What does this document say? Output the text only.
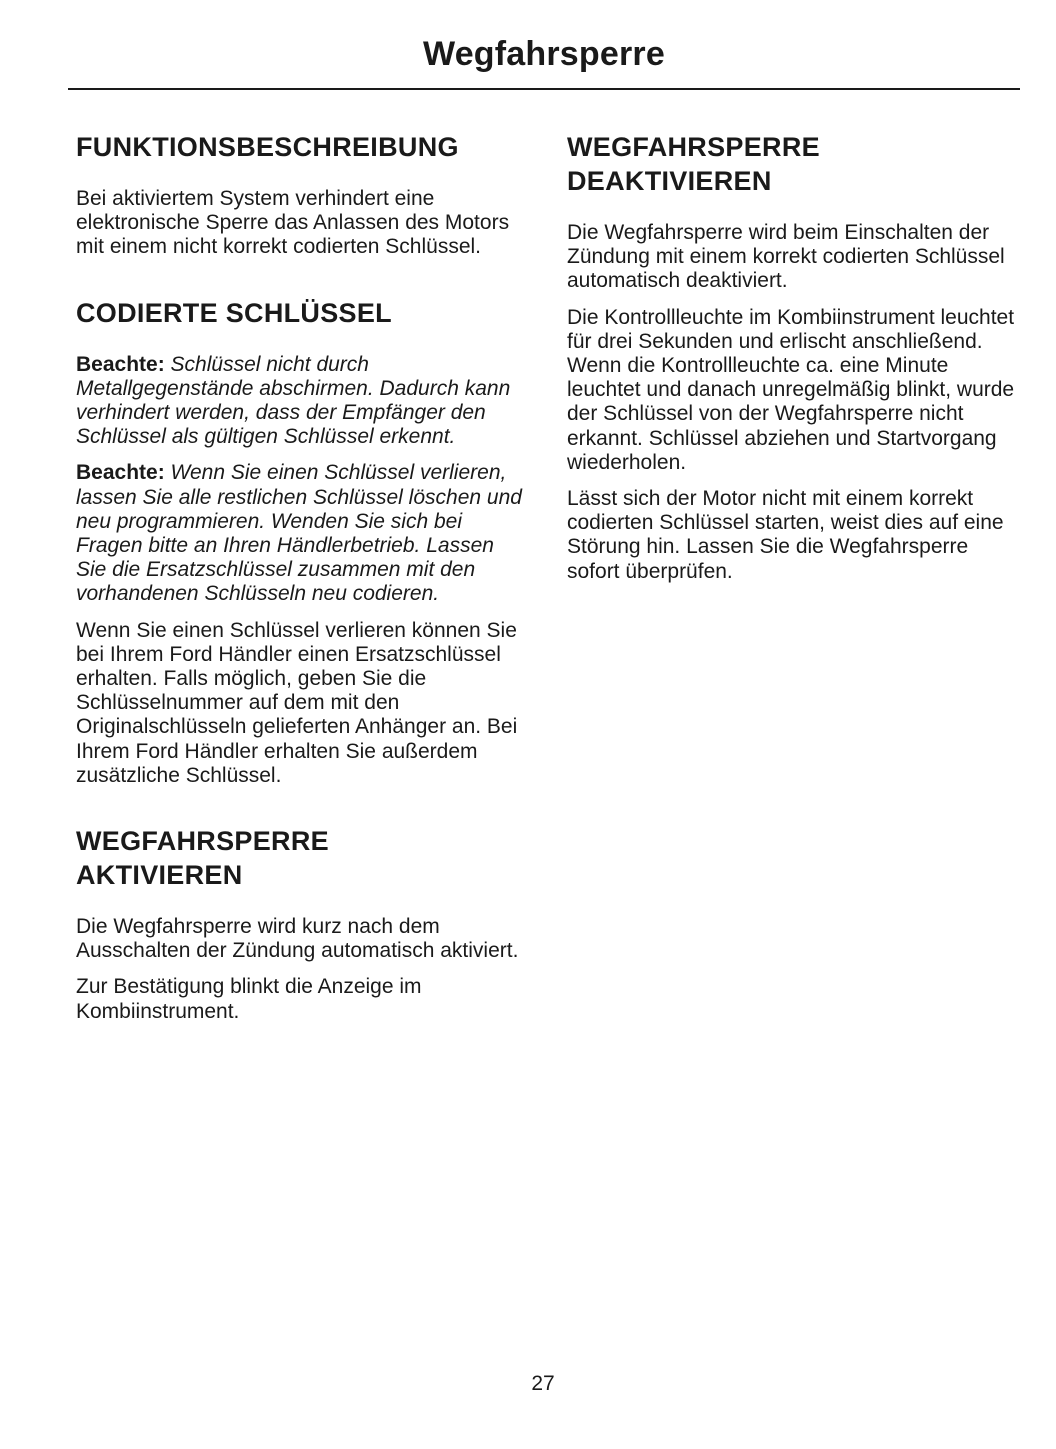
Wegfahrsperre
FUNKTIONSBESCHREIBUNG

Bei aktiviertem System verhindert eine elektronische Sperre das Anlassen des Motors mit einem nicht korrekt codierten Schlüssel.

CODIERTE SCHLÜSSEL

Beachte: Schlüssel nicht durch Metallgegenstände abschirmen. Dadurch kann verhindert werden, dass der Empfänger den Schlüssel als gültigen Schlüssel erkennt.

Beachte: Wenn Sie einen Schlüssel verlieren, lassen Sie alle restlichen Schlüssel löschen und neu programmieren. Wenden Sie sich bei Fragen bitte an Ihren Händlerbetrieb. Lassen Sie die Ersatzschlüssel zusammen mit den vorhandenen Schlüsseln neu codieren.

Wenn Sie einen Schlüssel verlieren können Sie bei Ihrem Ford Händler einen Ersatzschlüssel erhalten. Falls möglich, geben Sie die Schlüsselnummer auf dem mit den Originalschlüsseln gelieferten Anhänger an. Bei Ihrem Ford Händler erhalten Sie außerdem zusätzliche Schlüssel.

WEGFAHRSPERRE
AKTIVIEREN

Die Wegfahrsperre wird kurz nach dem Ausschalten der Zündung automatisch aktiviert.

Zur Bestätigung blinkt die Anzeige im Kombiinstrument.

WEGFAHRSPERRE
DEAKTIVIEREN

Die Wegfahrsperre wird beim Einschalten der Zündung mit einem korrekt codierten Schlüssel automatisch deaktiviert.

Die Kontrollleuchte im Kombiinstrument leuchtet für drei Sekunden und erlischt anschließend. Wenn die Kontrollleuchte ca. eine Minute leuchtet und danach unregelmäßig blinkt, wurde der Schlüssel von der Wegfahrsperre nicht erkannt. Schlüssel abziehen und Startvorgang wiederholen.

Lässt sich der Motor nicht mit einem korrekt codierten Schlüssel starten, weist dies auf eine Störung hin. Lassen Sie die Wegfahrsperre sofort überprüfen.

27
